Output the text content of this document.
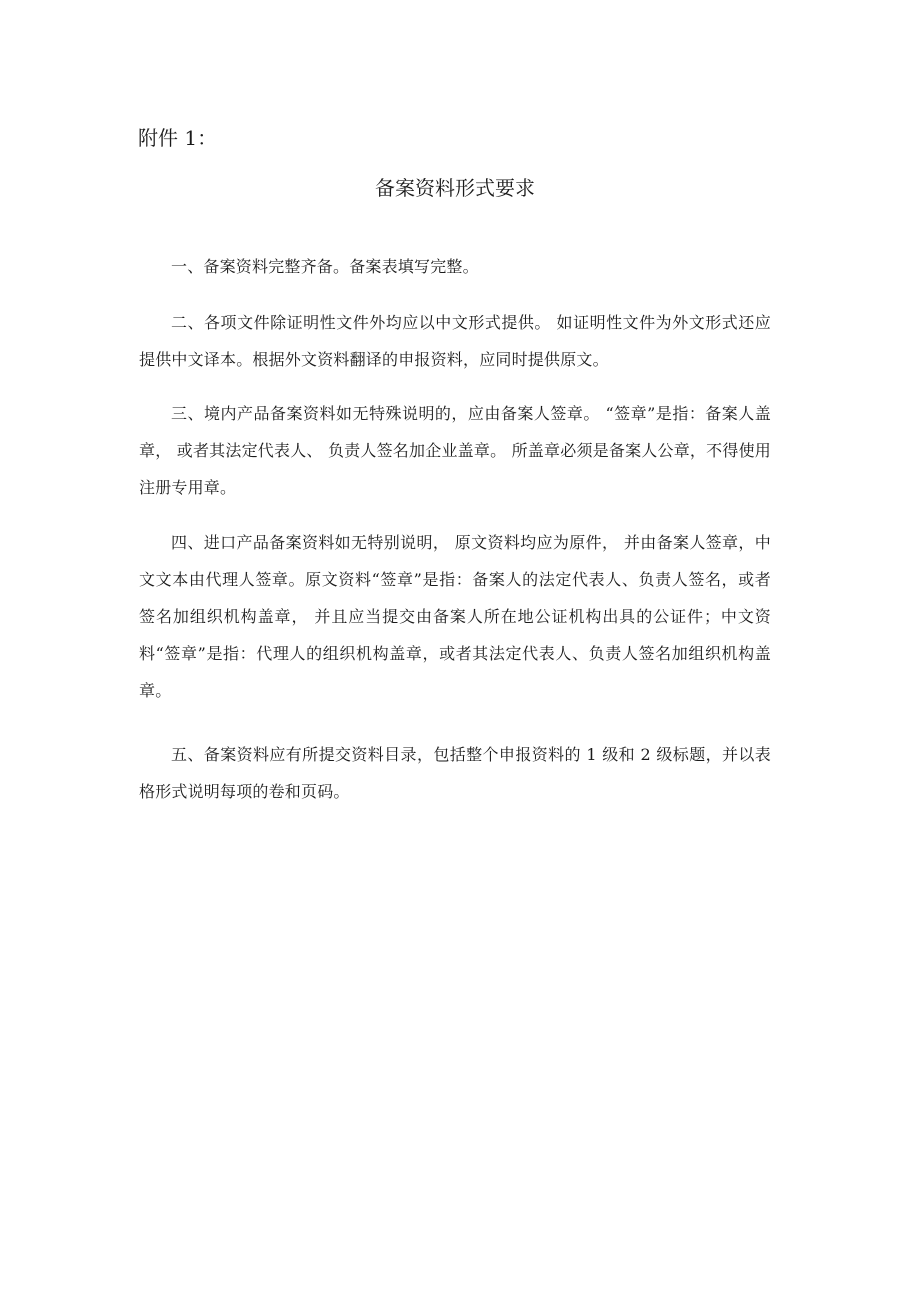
附件 1：
备案资料形式要求

一、备案资料完整齐备。备案表填写完整。

二、各项文件除证明性文件外均应以中文形式提供。 如证明性文件为外文形式还应提供中文译本。根据外文资料翻译的申报资料，应同时提供原文。

三、境内产品备案资料如无特殊说明的，应由备案人签章。 “签章”是指：备案人盖章， 或者其法定代表人、 负责人签名加企业盖章。 所盖章必须是备案人公章，不得使用注册专用章。

四、进口产品备案资料如无特别说明， 原文资料均应为原件， 并由备案人签章，中文文本由代理人签章。原文资料“签章”是指：备案人的法定代表人、负责人签名，或者签名加组织机构盖章， 并且应当提交由备案人所在地公证机构出具的公证件；中文资料“签章”是指：代理人的组织机构盖章，或者其法定代表人、负责人签名加组织机构盖章。

五、备案资料应有所提交资料目录，包括整个申报资料的 1 级和 2 级标题，并以表格形式说明每项的卷和页码。
